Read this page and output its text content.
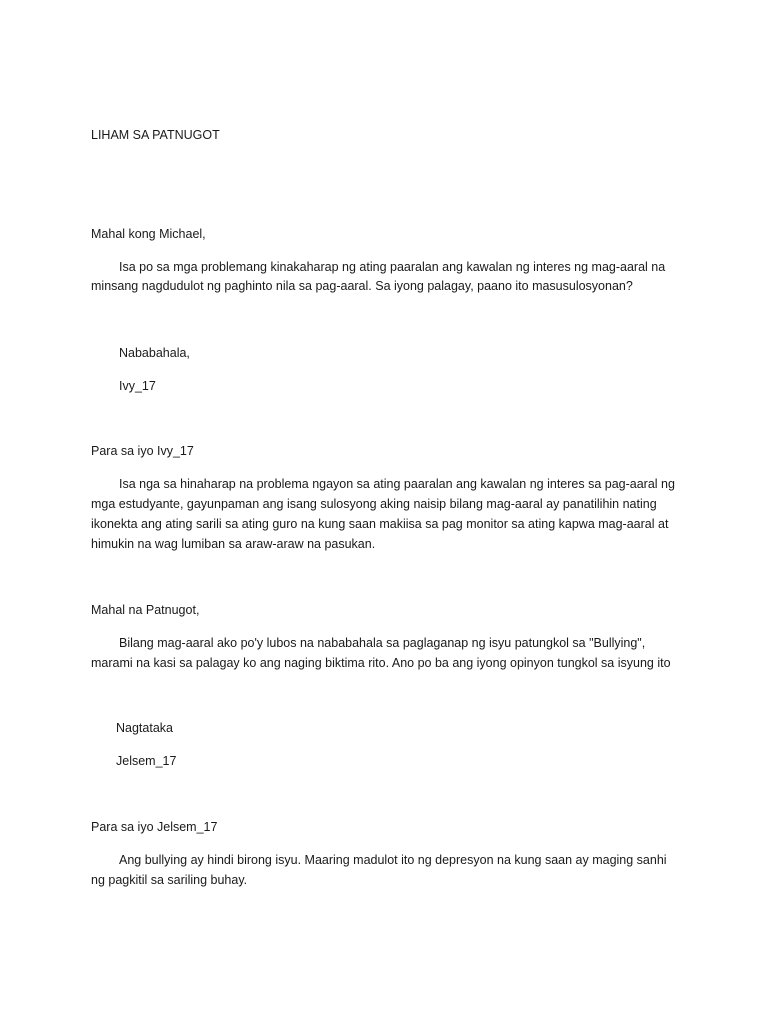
LIHAM SA PATNUGOT
Mahal kong Michael,
Isa po sa mga problemang kinakaharap ng ating paaralan ang kawalan ng interes ng mag-aaral na
minsang nagdudulot ng paghinto nila sa pag-aaral. Sa iyong palagay, paano ito masusulosyonan?
Nababahala,
Ivy_17
Para sa iyo Ivy_17
Isa nga sa hinaharap na problema ngayon sa ating paaralan ang kawalan ng interes sa pag-aaral ng
mga estudyante, gayunpaman ang isang sulosyong aking naisip bilang mag-aaral ay panatilihin nating
ikonekta ang ating sarili sa ating guro na kung saan makiisa sa pag monitor sa ating kapwa mag-aaral at
himukin na wag lumiban sa araw-araw na pasukan.
Mahal na Patnugot,
Bilang mag-aaral ako po'y lubos na nababahala sa paglaganap ng isyu patungkol sa "Bullying",
marami na kasi sa palagay ko ang naging biktima rito. Ano po ba ang iyong opinyon tungkol sa isyung ito
Nagtataka
Jelsem_17
Para sa iyo Jelsem_17
Ang bullying ay hindi birong isyu. Maaring madulot ito ng depresyon na kung saan ay maging sanhi
ng pagkitil sa sariling buhay.
